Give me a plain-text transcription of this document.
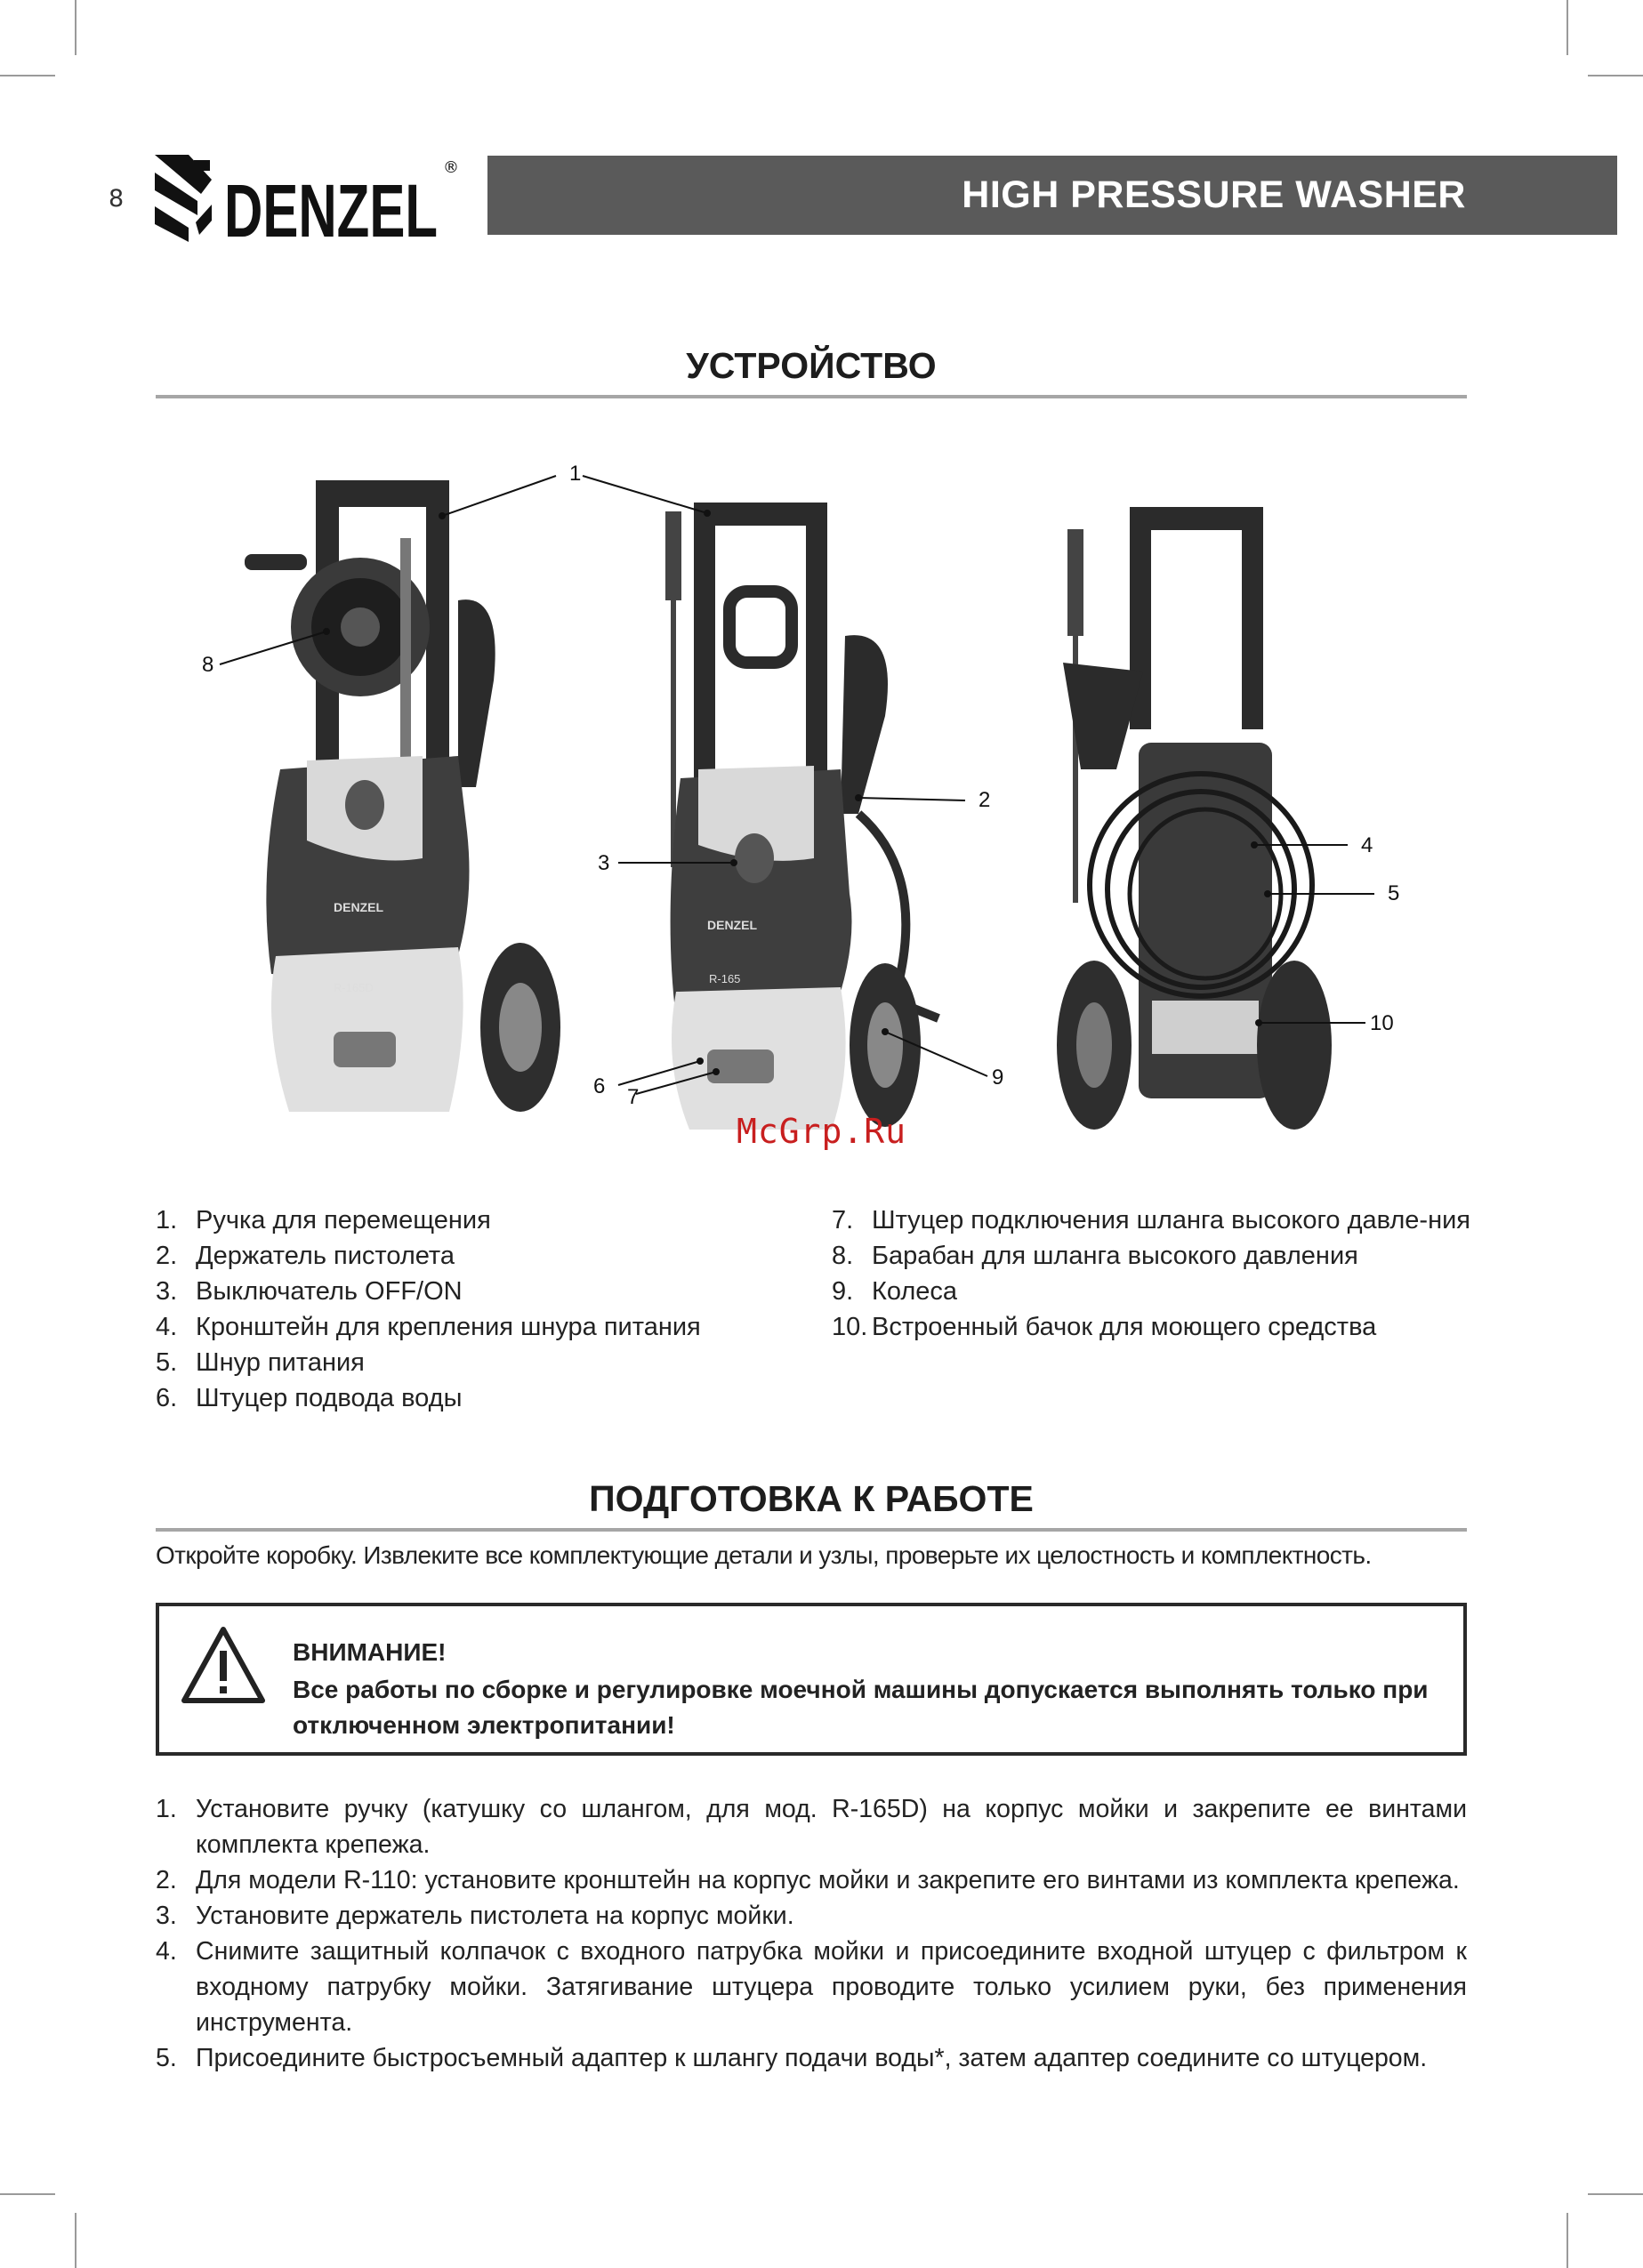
8 DENZEL
®
HIGH PRESSURE WASHER
УСТРОЙСТВО
DENZEL
R-165D
DENZEL
R-165
1
2
3
4
5
6 7
8
9
10
McGrp.Ru
1. Ручка для перемещения
2. Держатель пистолета
3. Выключатель OFF/ON
4. Кронштейн для крепления шнура питания
5. Шнур питания
6. Штуцер подвода воды
7. Штуцер подключения шланга высокого давле-ния
8. Барабан для шланга высокого давления
9. Колеса
10. Встроенный бачок для моющего средства
ПОДГОТОВКА К РАБОТЕ
Откройте коробку. Извлеките все комплектующие детали и узлы, проверьте их целостность и комплектность.
ВНИМАНИЕ!
Все работы по сборке и регулировке моечной машины допускается выполнять только при отключенном электропитании!
1. Установите ручку (катушку со шлангом, для мод. R-165D) на корпус мойки и закрепите ее винтами комплекта крепежа.
2. Для модели R-110: установите кронштейн на корпус мойки и закрепите его винтами из комплекта крепежа.
3. Установите держатель пистолета на корпус мойки.
4. Снимите защитный колпачок с входного патрубка мойки и присоедините входной штуцер с фильтром к входному патрубку мойки. Затягивание штуцера проводите только усилием руки, без применения инструмента.
5. Присоедините быстросъемный адаптер к шлангу подачи воды*, затем адаптер соедините со штуцером.
